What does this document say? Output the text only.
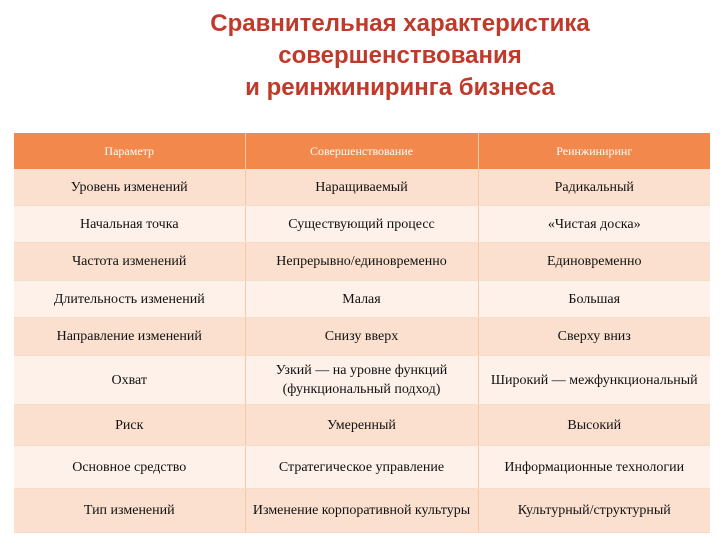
Сравнительная характеристика
совершенствования
и реинжиниринга бизнеса
Параметр	Совершенствование	Реинжиниринг
Уровень изменений	Наращиваемый	Радикальный
Начальная точка	Существующий процесс	«Чистая доска»
Частота изменений	Непрерывно/единовременно	Единовременно
Длительность изменений	Малая	Большая
Направление изменений	Снизу вверх	Сверху вниз
Охват	Узкий — на уровне функций (функциональный подход)	Широкий — межфункциональный
Риск	Умеренный	Высокий
Основное средство	Стратегическое управление	Информационные технологии
Тип изменений	Изменение корпоративной культуры	Культурный/структурный
